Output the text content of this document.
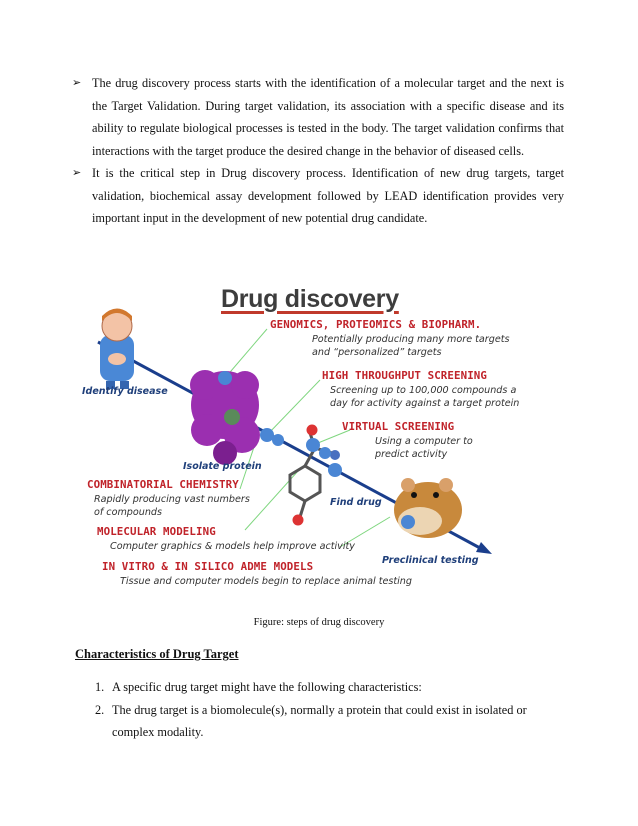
➢ The drug discovery process starts with the identification of a molecular target and the next is the Target Validation. During target validation, its association with a specific disease and its ability to regulate biological processes is tested in the body. The target validation confirms that interactions with the target produce the desired change in the behavior of diseased cells.
➢ It is the critical step in Drug discovery process. Identification of new drug targets, target validation, biochemical assay development followed by LEAD identification provides very important input in the development of new potential drug candidate.
Drug discovery
GENOMICS, PROTEOMICS & BIOPHARM.
Potentially producing many more targets
and “personalized” targets
HIGH THROUGHPUT SCREENING
Screening up to 100,000 compounds a
day for activity against a target protein
VIRTUAL SCREENING
Using a computer to
predict activity
COMBINATORIAL CHEMISTRY
Rapidly producing vast numbers
of compounds
MOLECULAR MODELING
Computer graphics & models help improve activity
IN VITRO & IN SILICO ADME MODELS
Tissue and computer models begin to replace animal testing
Identify disease
Isolate protein
Find drug
Preclinical testing
Figure: steps of drug discovery
Characteristics of Drug Target
1. A specific drug target might have the following characteristics:
2. The drug target is a biomolecule(s), normally a protein that could exist in isolated or complex modality.
